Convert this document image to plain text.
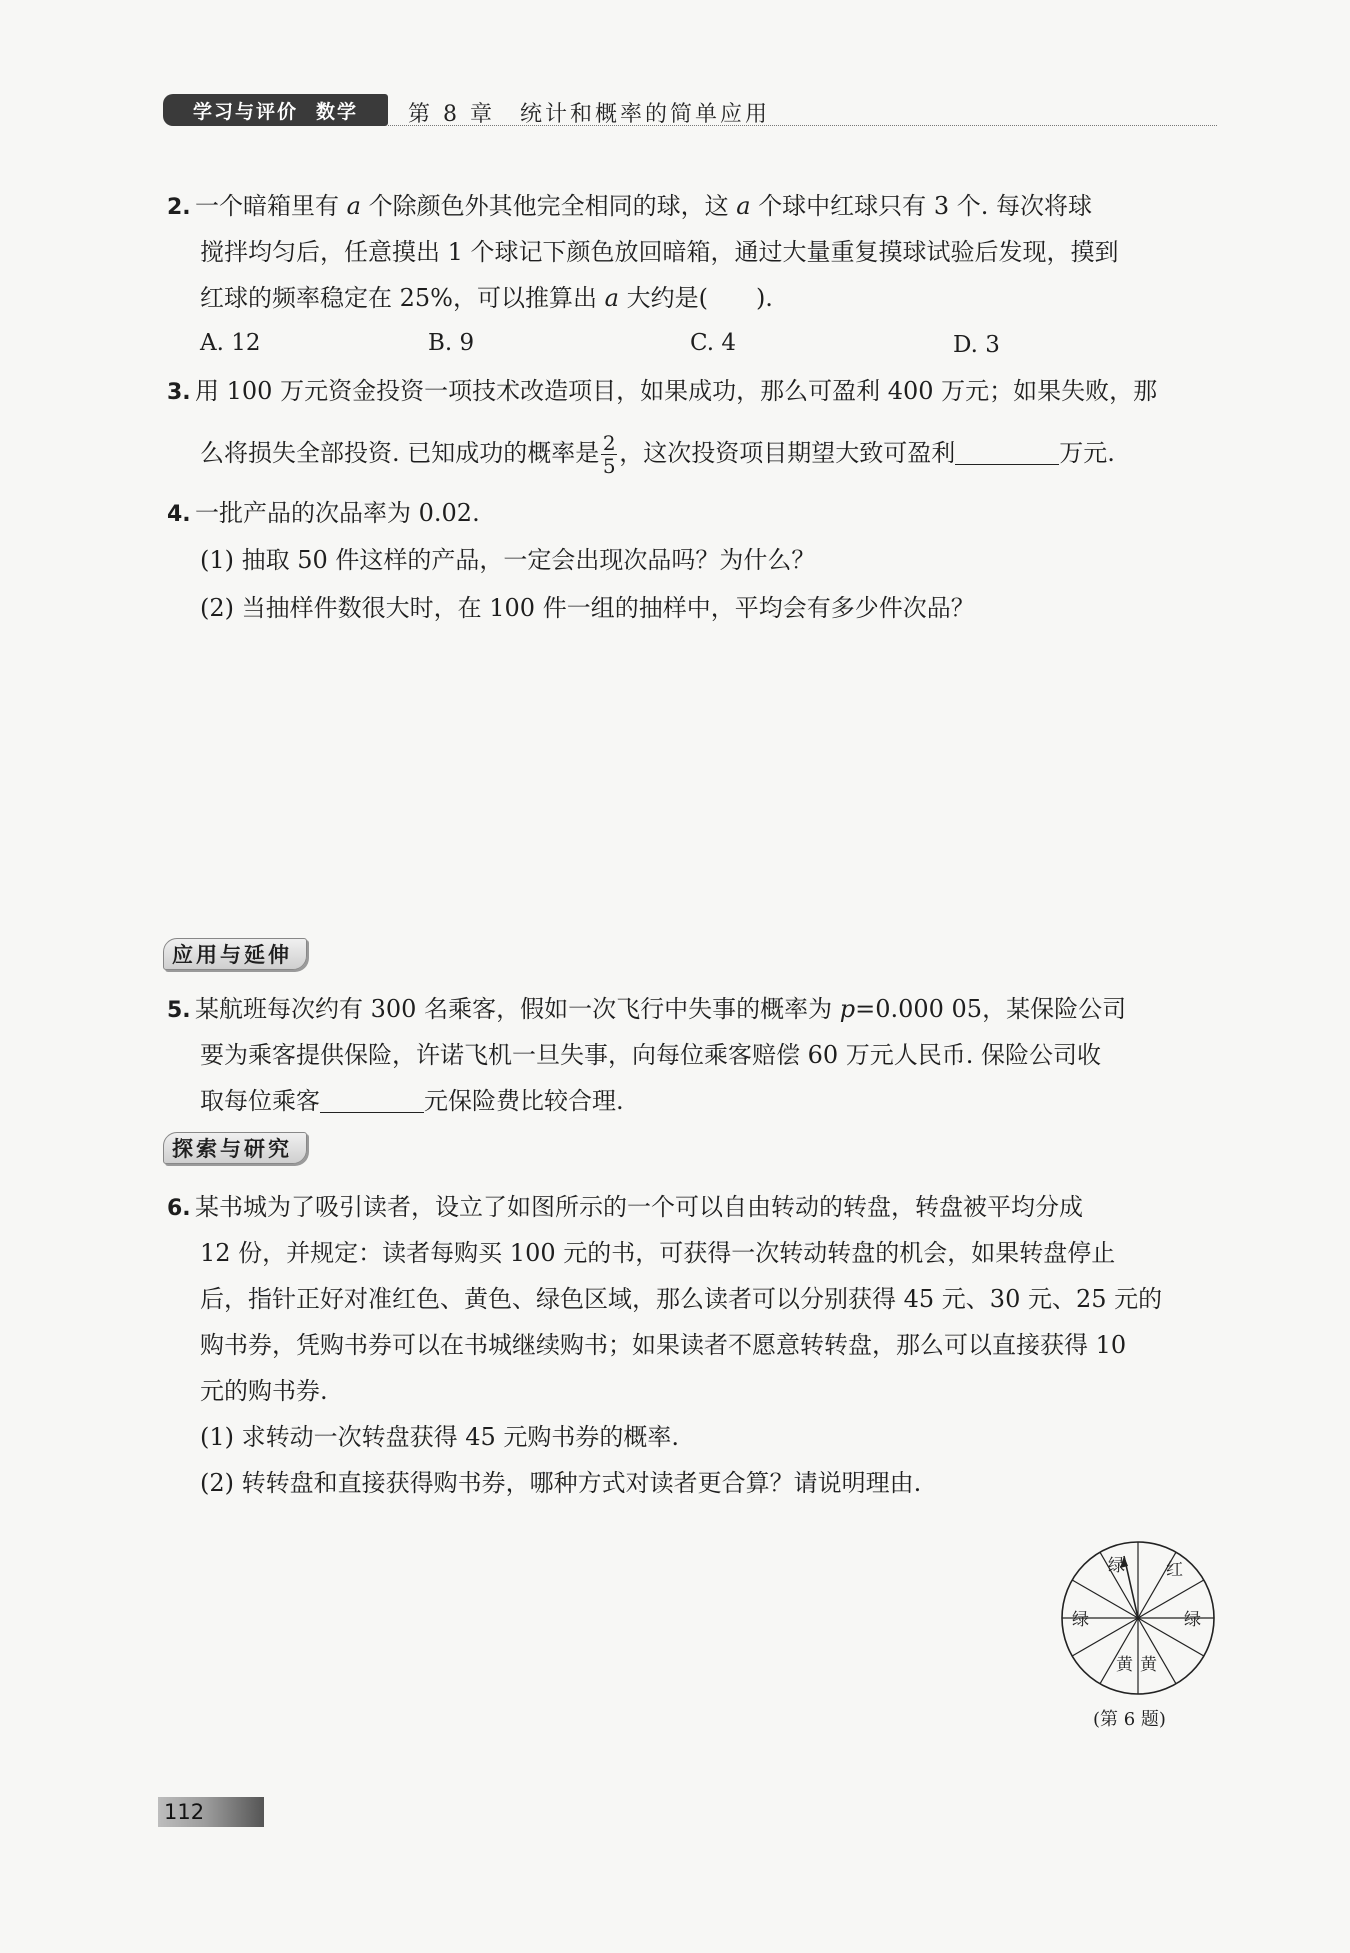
学习与评价 数学 第 8 章　 统计和概率的简单应用
2. 一个暗箱里有 a 个除颜色外其他完全相同的球，这 a 个球中红球只有 3 个. 每次将球
搅拌均匀后，任意摸出 1 个球记下颜色放回暗箱，通过大量重复摸球试验后发现，摸到
红球的频率稳定在 25%，可以推算出 a 大约是(　　).
A. 12	B. 9	C. 4	D. 3
3. 用 100 万元资金投资一项技术改造项目，如果成功，那么可盈利 400 万元；如果失败，那
么将损失全部投资. 已知成功的概率是 $\frac{2}{5}$ ，这次投资项目期望大致可盈利	万元.
4. 一批产品的次品率为 0.02.
(1) 抽取 50 件这样的产品，一定会出现次品吗？为什么？
(2) 当抽样件数很大时，在 100 件一组的抽样中，平均会有多少件次品？
应用与延伸
5. 某航班每次约有 300 名乘客，假如一次飞行中失事的概率为 p=0.000 05，某保险公司
要为乘客提供保险，许诺飞机一旦失事，向每位乘客赔偿 60 万元人民币. 保险公司收
取每位乘客	元保险费比较合理.
探索与研究
6. 某书城为了吸引读者，设立了如图所示的一个可以自由转动的转盘，转盘被平均分成
12 份，并规定：读者每购买 100 元的书，可获得一次转动转盘的机会，如果转盘停止
后，指针正好对准红色、黄色、绿色区域，那么读者可以分别获得 45 元、30 元、25 元的
购书券，凭购书券可以在书城继续购书；如果读者不愿意转转盘，那么可以直接获得 10
元的购书券.
(1) 求转动一次转盘获得 45 元购书券的概率.
(2) 转转盘和直接获得购书券，哪种方式对读者更合算？请说明理由.
绿 红
绿	绿
黄 黄
(第 6 题)
112
